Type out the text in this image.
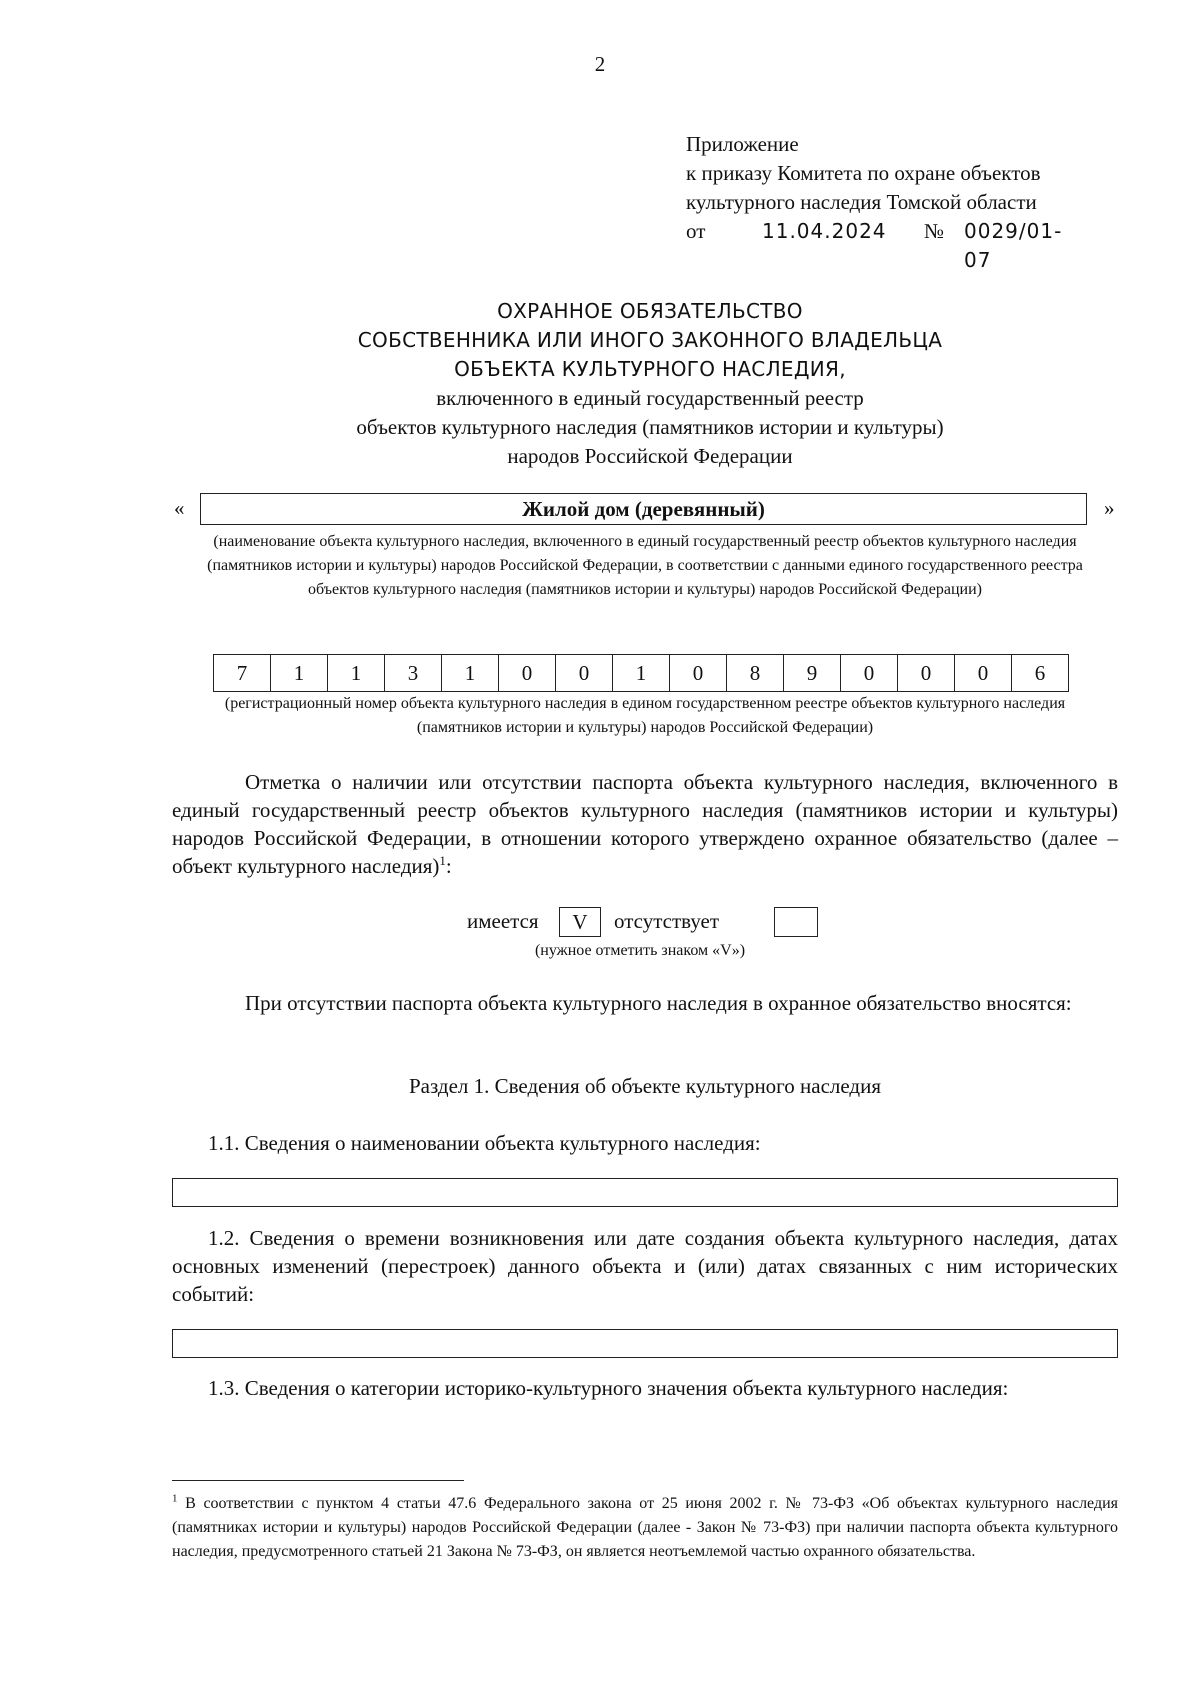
2
Приложение
к приказу Комитета по охране объектов
культурного наследия Томской области
от	11.04.2024 № 0029/01-07
ОХРАННОЕ ОБЯЗАТЕЛЬСТВО
СОБСТВЕННИКА ИЛИ ИНОГО ЗАКОННОГО ВЛАДЕЛЬЦА
ОБЪЕКТА КУЛЬТУРНОГО НАСЛЕДИЯ,
включенного в единый государственный реестр
объектов культурного наследия (памятников истории и культуры)
народов Российской Федерации
«	Жилой дом (деревянный)	»
(наименование объекта культурного наследия, включенного в единый государственный реестр объектов культурного наследия (памятников истории и культуры) народов Российской Федерации, в соответствии с данными единого государственного реестра объектов культурного наследия (памятников истории и культуры) народов Российской Федерации)
7	1	1	3	1	0	0	1	0	8	9	0	0	0	6
(регистрационный номер объекта культурного наследия в едином государственном реестре объектов культурного наследия (памятников истории и культуры) народов Российской Федерации)
Отметка о наличии или отсутствии паспорта объекта культурного наследия, включенного в единый государственный реестр объектов культурного наследия (памятников истории и культуры) народов Российской Федерации, в отношении которого утверждено охранное обязательство (далее – объект культурного наследия)$^1$:
имеется	V	отсутствует
(нужное отметить знаком «V»)
При отсутствии паспорта объекта культурного наследия в охранное обязательство вносятся:
Раздел 1. Сведения об объекте культурного наследия
1.1. Сведения о наименовании объекта культурного наследия:
1.2. Сведения о времени возникновения или дате создания объекта культурного наследия, датах основных изменений (перестроек) данного объекта и (или) датах связанных с ним исторических событий:
1.3. Сведения о категории историко-культурного значения объекта культурного наследия:
$^1$ В соответствии с пунктом 4 статьи 47.6 Федерального закона от 25 июня 2002 г. № 73-ФЗ «Об объектах культурного наследия (памятниках истории и культуры) народов Российской Федерации (далее - Закон № 73-ФЗ) при наличии паспорта объекта культурного наследия, предусмотренного статьей 21 Закона № 73-ФЗ, он является неотъемлемой частью охранного обязательства.
